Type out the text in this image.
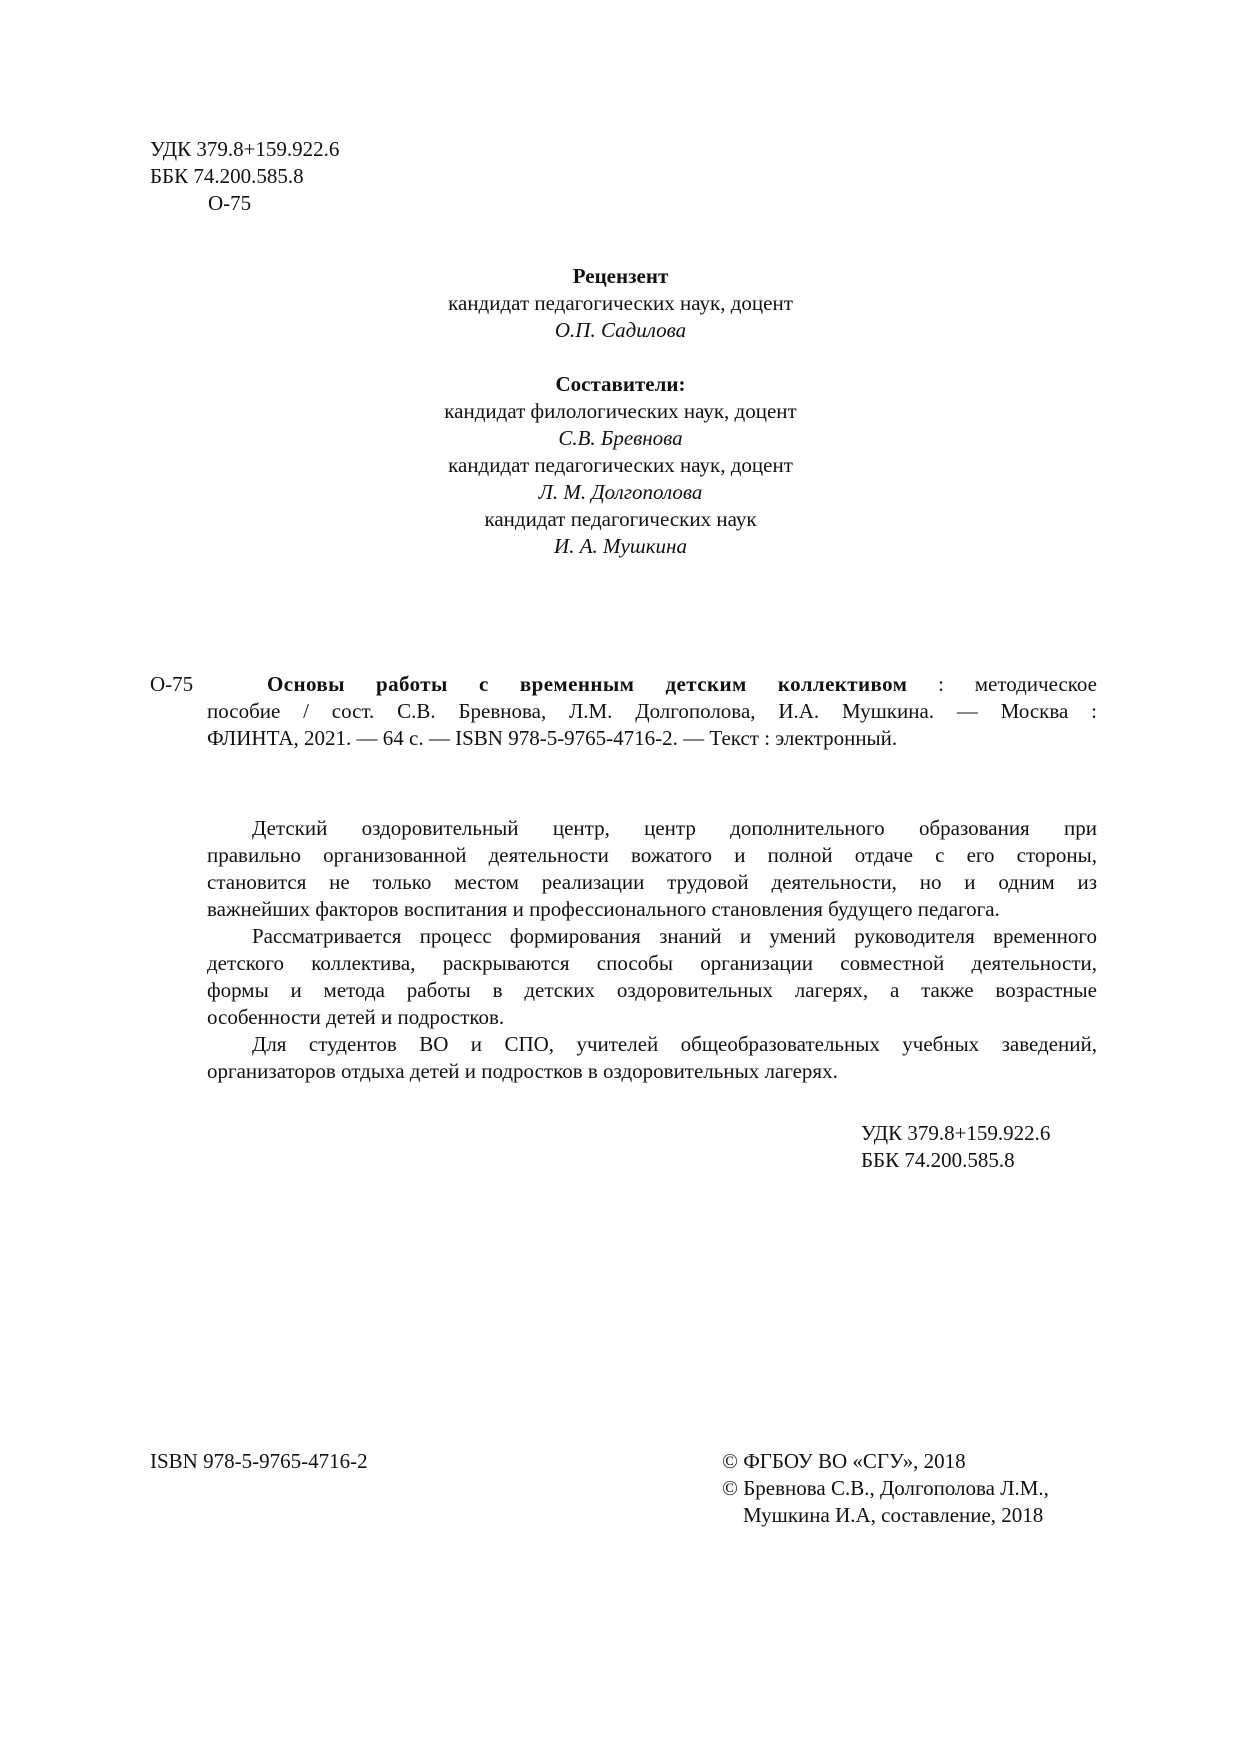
УДК 379.8+159.922.6
ББК 74.200.585.8
О-75
Рецензент
кандидат педагогических наук, доцент
О.П. Садилова
Составители:
кандидат филологических наук, доцент
С.В. Бревнова
кандидат педагогических наук, доцент
Л. М. Долгополова
кандидат педагогических наук
И. А. Мушкина
О-75	Основы работы с временным детским коллективом : методическое
пособие / сост. С.В. Бревнова, Л.М. Долгополова, И.А. Мушкина. — Москва :
ФЛИНТА, 2021. — 64 с. — ISBN 978-5-9765-4716-2. — Текст : электронный.
Детский оздоровительный центр, центр дополнительного образования при
правильно организованной деятельности вожатого и полной отдаче с его стороны,
становится не только местом реализации трудовой деятельности, но и одним из
важнейших факторов воспитания и профессионального становления будущего педагога.
Рассматривается процесс формирования знаний и умений руководителя временного
детского коллектива, раскрываются способы организации совместной деятельности,
формы и метода работы в детских оздоровительных лагерях, а также возрастные
особенности детей и подростков.
Для студентов ВО и СПО, учителей общеобразовательных учебных заведений,
организаторов отдыха детей и подростков в оздоровительных лагерях.
УДК 379.8+159.922.6
ББК 74.200.585.8
ISBN 978-5-9765-4716-2	© ФГБОУ ВО «СГУ», 2018
© Бревнова С.В., Долгополова Л.М.,
Мушкина И.А, составление, 2018
